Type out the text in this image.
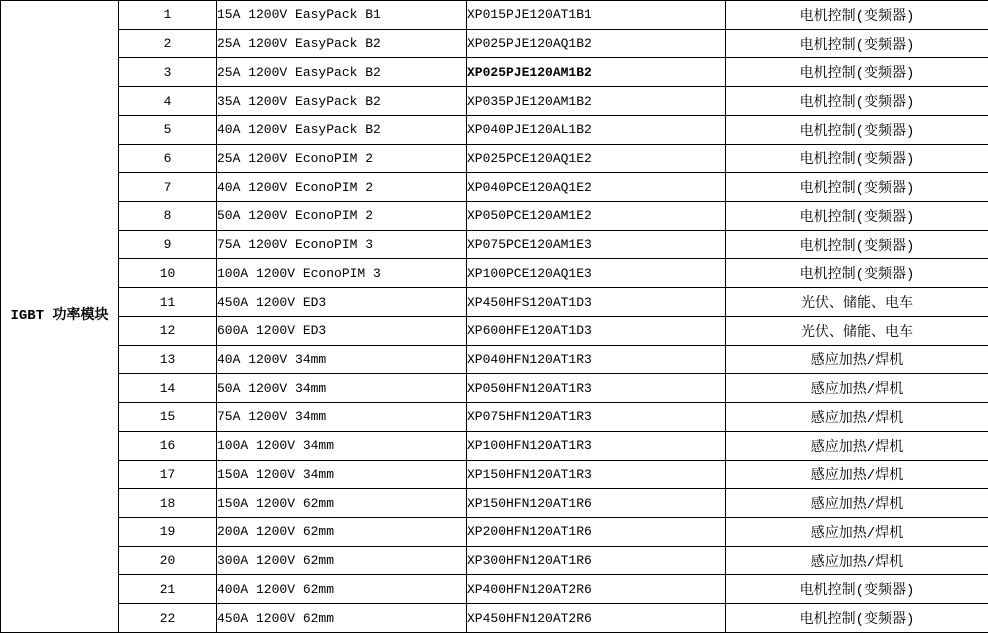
IGBT 功率模块	1	15A 1200V EasyPack B1	XP015PJE120AT1B1	电机控制(变频器)
	2	25A 1200V EasyPack B2	XP025PJE120AQ1B2	电机控制(变频器)
	3	25A 1200V EasyPack B2	XP025PJE120AM1B2	电机控制(变频器)
	4	35A 1200V EasyPack B2	XP035PJE120AM1B2	电机控制(变频器)
	5	40A 1200V EasyPack B2	XP040PJE120AL1B2	电机控制(变频器)
	6	25A 1200V EconoPIM 2	XP025PCE120AQ1E2	电机控制(变频器)
	7	40A 1200V EconoPIM 2	XP040PCE120AQ1E2	电机控制(变频器)
	8	50A 1200V EconoPIM 2	XP050PCE120AM1E2	电机控制(变频器)
	9	75A 1200V EconoPIM 3	XP075PCE120AM1E3	电机控制(变频器)
	10	100A 1200V EconoPIM 3	XP100PCE120AQ1E3	电机控制(变频器)
	11	450A 1200V ED3	XP450HFS120AT1D3	光伏、储能、电车
	12	600A 1200V ED3	XP600HFE120AT1D3	光伏、储能、电车
	13	40A 1200V 34mm	XP040HFN120AT1R3	感应加热/焊机
	14	50A 1200V 34mm	XP050HFN120AT1R3	感应加热/焊机
	15	75A 1200V 34mm	XP075HFN120AT1R3	感应加热/焊机
	16	100A 1200V 34mm	XP100HFN120AT1R3	感应加热/焊机
	17	150A 1200V 34mm	XP150HFN120AT1R3	感应加热/焊机
	18	150A 1200V 62mm	XP150HFN120AT1R6	感应加热/焊机
	19	200A 1200V 62mm	XP200HFN120AT1R6	感应加热/焊机
	20	300A 1200V 62mm	XP300HFN120AT1R6	感应加热/焊机
	21	400A 1200V 62mm	XP400HFN120AT2R6	电机控制(变频器)
	22	450A 1200V 62mm	XP450HFN120AT2R6	电机控制(变频器)
